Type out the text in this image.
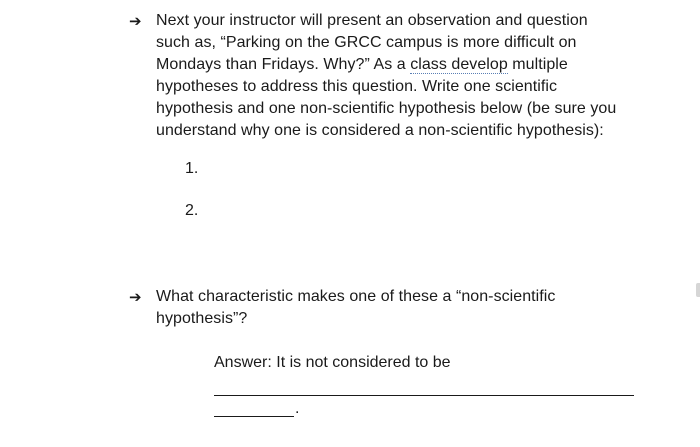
➔ Next your instructor will present an observation and question
such as, “Parking on the GRCC campus is more difficult on
Mondays than Fridays. Why?” As a class develop multiple
hypotheses to address this question. Write one scientific
hypothesis and one non-scientific hypothesis below (be sure you
understand why one is considered a non-scientific hypothesis):
1.
2.
➔ What characteristic makes one of these a “non-scientific
hypothesis”?
Answer: It is not considered to be
.
